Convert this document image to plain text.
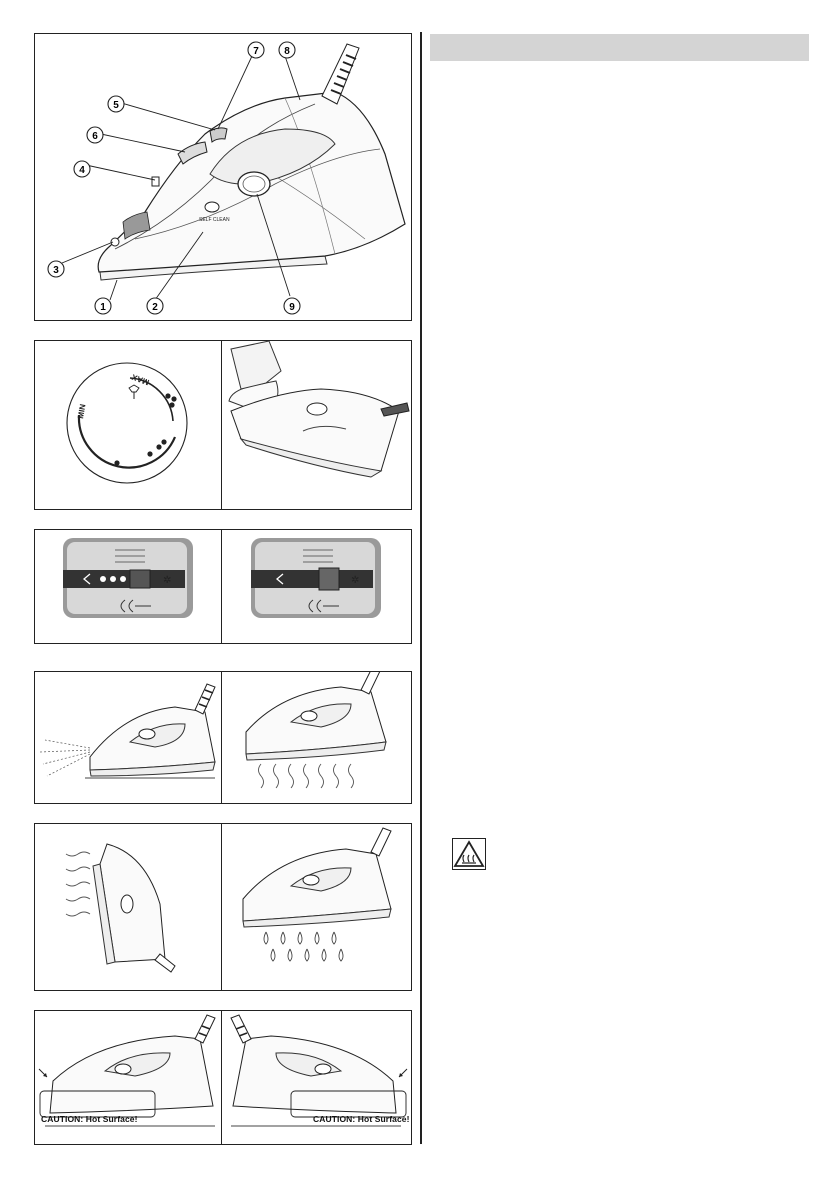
SELF CLEAN
1	2
3
4
5
6
7	8
9
MIN
MAX
✲	✲
CAUTION: Hot Surface!	CAUTION: Hot Surface!
